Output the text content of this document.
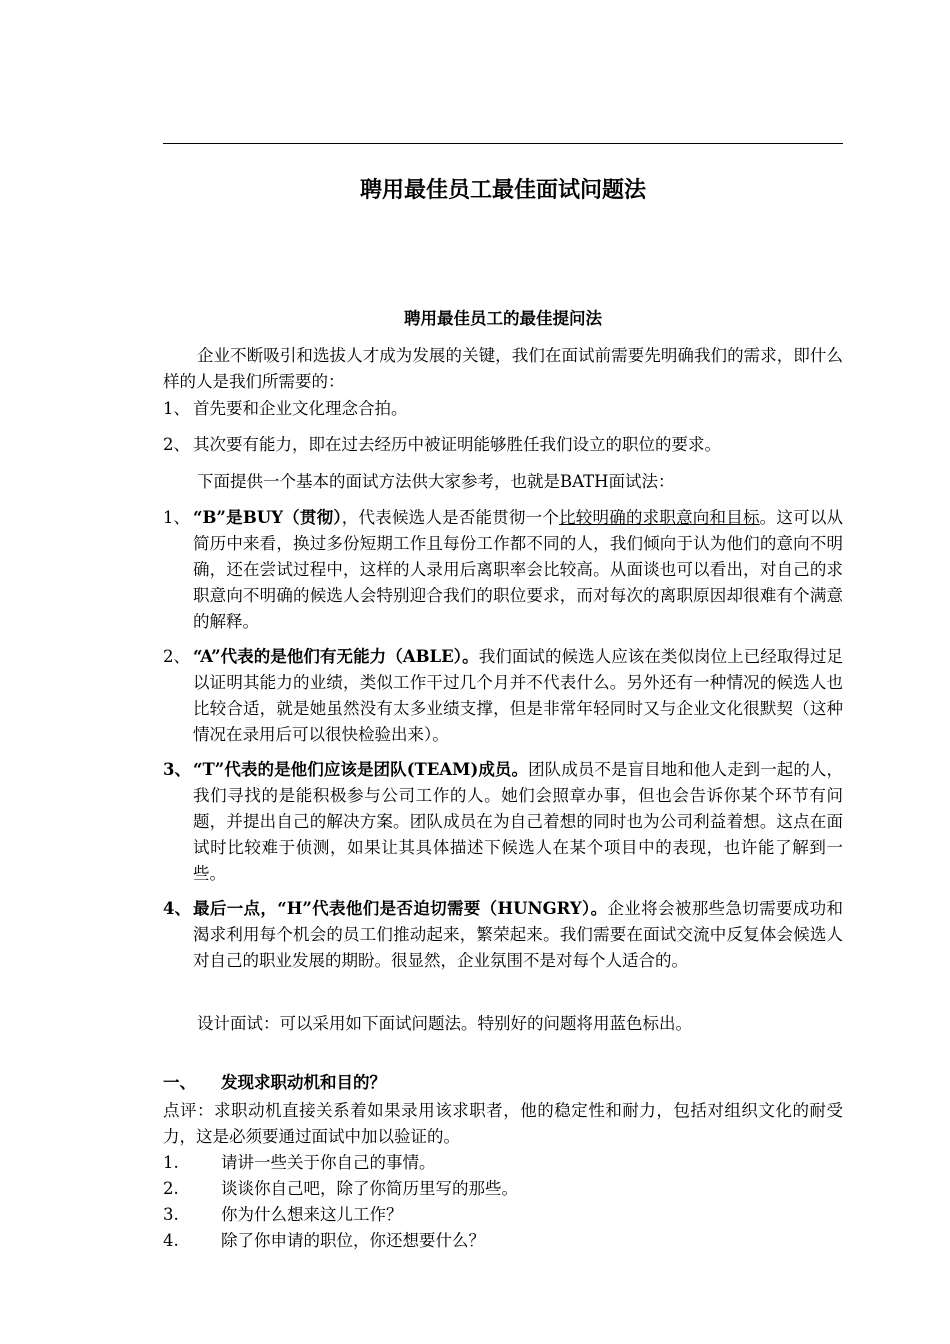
聘用最佳员工最佳面试问题法
聘用最佳员工的最佳提问法

企业不断吸引和选拔人才成为发展的关键，我们在面试前需要先明确我们的需求，即什么样的人是我们所需要的：

1、 首先要和企业文化理念合拍。
2、 其次要有能力，即在过去经历中被证明能够胜任我们设立的职位的要求。

下面提供一个基本的面试方法供大家参考，也就是BATH面试法：

1、 “B”是BUY（贯彻），代表候选人是否能贯彻一个比较明确的求职意向和目标。这可以从简历中来看，换过多份短期工作且每份工作都不同的人，我们倾向于认为他们的意向不明确，还在尝试过程中，这样的人录用后离职率会比较高。从面谈也可以看出，对自己的求职意向不明确的候选人会特别迎合我们的职位要求，而对每次的离职原因却很难有个满意的解释。
2、 “A”代表的是他们有无能力（ABLE）。我们面试的候选人应该在类似岗位上已经取得过足以证明其能力的业绩，类似工作干过几个月并不代表什么。另外还有一种情况的候选人也比较合适，就是她虽然没有太多业绩支撑，但是非常年轻同时又与企业文化很默契（这种情况在录用后可以很快检验出来）。
3、 “T”代表的是他们应该是团队(TEAM)成员。团队成员不是盲目地和他人走到一起的人，我们寻找的是能积极参与公司工作的人。她们会照章办事，但也会告诉你某个环节有问题，并提出自己的解决方案。团队成员在为自己着想的同时也为公司利益着想。这点在面试时比较难于侦测，如果让其具体描述下候选人在某个项目中的表现，也许能了解到一些。
4、 最后一点，“H”代表他们是否迫切需要（HUNGRY）。企业将会被那些急切需要成功和渴求利用每个机会的员工们推动起来，繁荣起来。我们需要在面试交流中反复体会候选人对自己的职业发展的期盼。很显然，企业氛围不是对每个人适合的。

设计面试：可以采用如下面试问题法。特别好的问题将用蓝色标出。

一、 发现求职动机和目的？

点评：求职动机直接关系着如果录用该求职者，他的稳定性和耐力，包括对组织文化的耐受力，这是必须要通过面试中加以验证的。

1.	请讲一些关于你自己的事情。
2.	谈谈你自己吧，除了你简历里写的那些。
3.	你为什么想来这儿工作？
4.	除了你申请的职位，你还想要什么？
